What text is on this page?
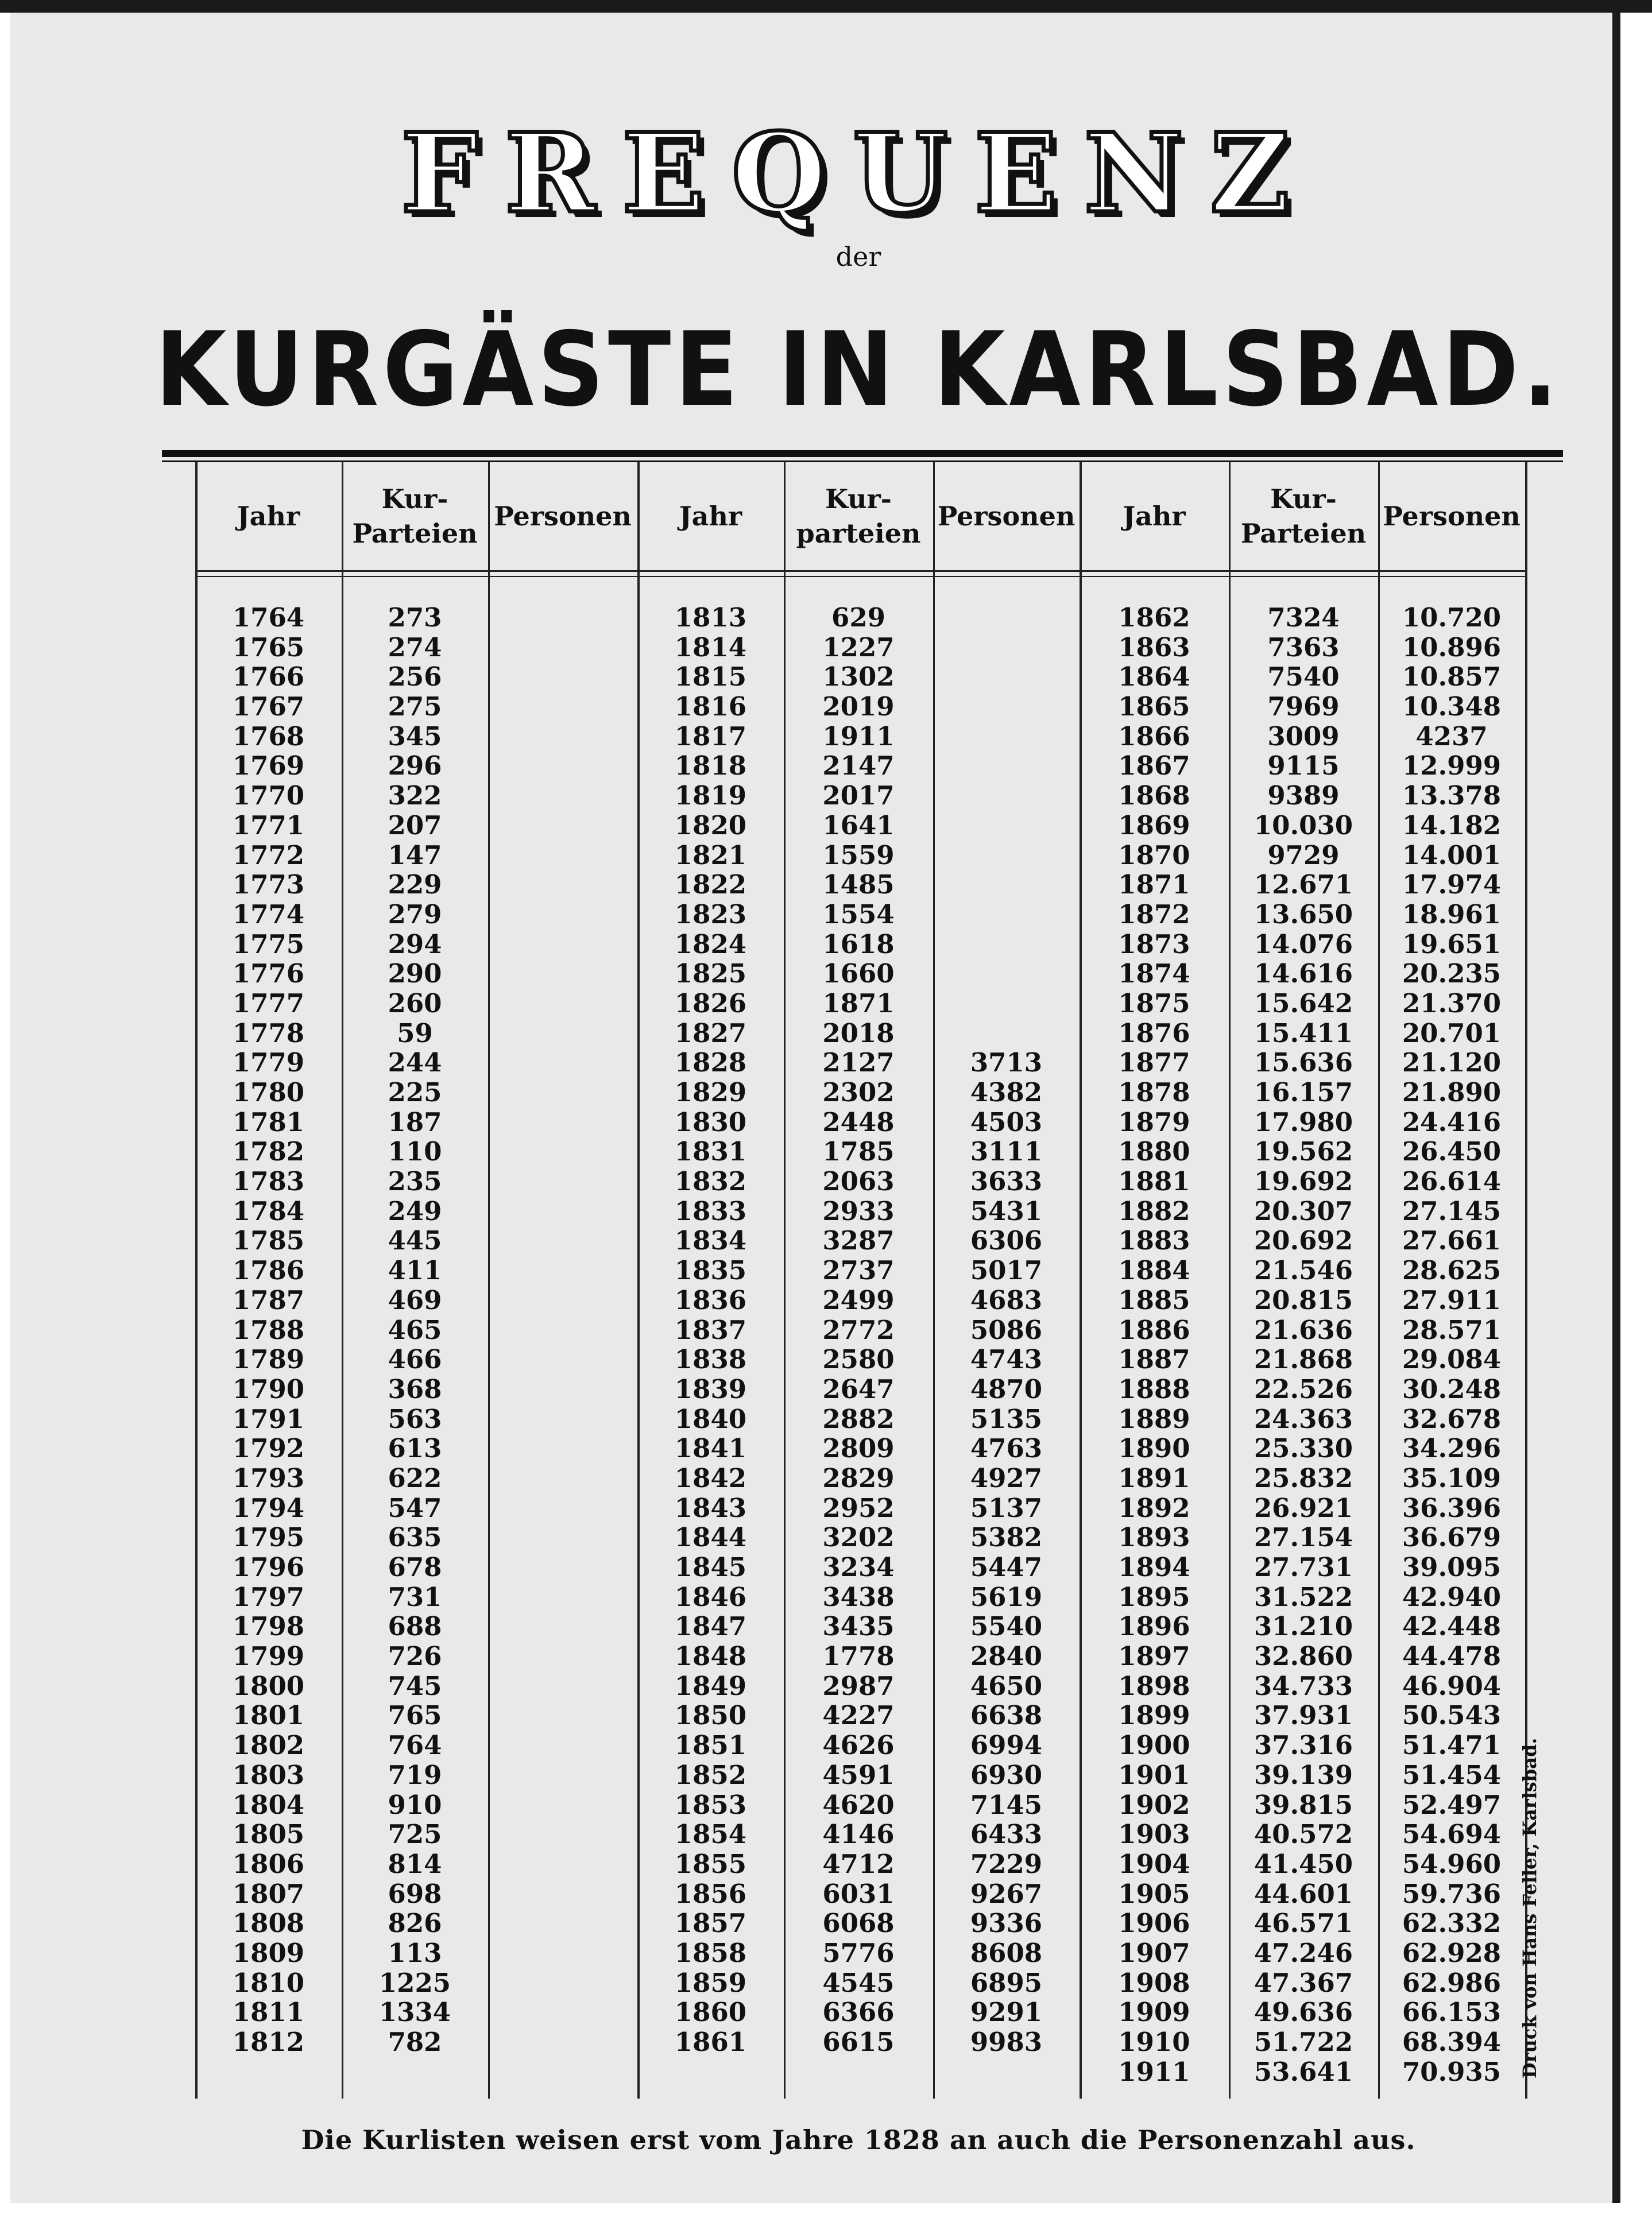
FREQUENZ
der
KURGÄSTE IN KARLSBAD.
Jahr
Kur-
Parteien
Personen	Jahr
Kur-
parteien
Personen	Jahr
Kur-
Parteien
Personen
1764
1765
1766
1767
1768
1769
1770
1771
1772
1773
1774
1775
1776
1777
1778
1779
1780
1781
1782
1783
1784
1785
1786
1787
1788
1789
1790
1791
1792
1793
1794
1795
1796
1797
1798
1799
1800
1801
1802
1803
1804
1805
1806
1807
1808
1809
1810
1811
1812
273
274
256
275
345
296
322
207
147
229
279
294
290
260
59
244
225
187
110
235
249
445
411
469
465
466
368
563
613
622
547
635
678
731
688
726
745
765
764
719
910
725
814
698
826
113
1225
1334
782
1813
1814
1815
1816
1817
1818
1819
1820
1821
1822
1823
1824
1825
1826
1827
1828
1829
1830
1831
1832
1833
1834
1835
1836
1837
1838
1839
1840
1841
1842
1843
1844
1845
1846
1847
1848
1849
1850
1851
1852
1853
1854
1855
1856
1857
1858
1859
1860
1861
629
1227
1302
2019
1911
2147
2017
1641
1559
1485
1554
1618
1660
1871
2018
2127
2302
2448
1785
2063
2933
3287
2737
2499
2772
2580
2647
2882
2809
2829
2952
3202
3234
3438
3435
1778
2987
4227
4626
4591
4620
4146
4712
6031
6068
5776
4545
6366
6615
3713
4382
4503
3111
3633
5431
6306
5017
4683
5086
4743
4870
5135
4763
4927
5137
5382
5447
5619
5540
2840
4650
6638
6994
6930
7145
6433
7229
9267
9336
8608
6895
9291
9983
1862
1863
1864
1865
1866
1867
1868
1869
1870
1871
1872
1873
1874
1875
1876
1877
1878
1879
1880
1881
1882
1883
1884
1885
1886
1887
1888
1889
1890
1891
1892
1893
1894
1895
1896
1897
1898
1899
1900
1901
1902
1903
1904
1905
1906
1907
1908
1909
1910
1911
7324
7363
7540
7969
3009
9115
9389
10.030
9729
12.671
13.650
14.076
14.616
15.642
15.411
15.636
16.157
17.980
19.562
19.692
20.307
20.692
21.546
20.815
21.636
21.868
22.526
24.363
25.330
25.832
26.921
27.154
27.731
31.522
31.210
32.860
34.733
37.931
37.316
39.139
39.815
40.572
41.450
44.601
46.571
47.246
47.367
49.636
51.722
53.641
10.720
10.896
10.857
10.348
4237
12.999
13.378
14.182
14.001
17.974
18.961
19.651
20.235
21.370
20.701
21.120
21.890
24.416
26.450
26.614
27.145
27.661
28.625
27.911
28.571
29.084
30.248
32.678
34.296
35.109
36.396
36.679
39.095
42.940
42.448
44.478
46.904
50.543
51.471
51.454
52.497
54.694
54.960
59.736
62.332
62.928
62.986
66.153
68.394
70.935 Druck von Hans Feller, Karlsbad.
Die Kurlisten weisen erst vom Jahre 1828 an auch die Personenzahl aus.
